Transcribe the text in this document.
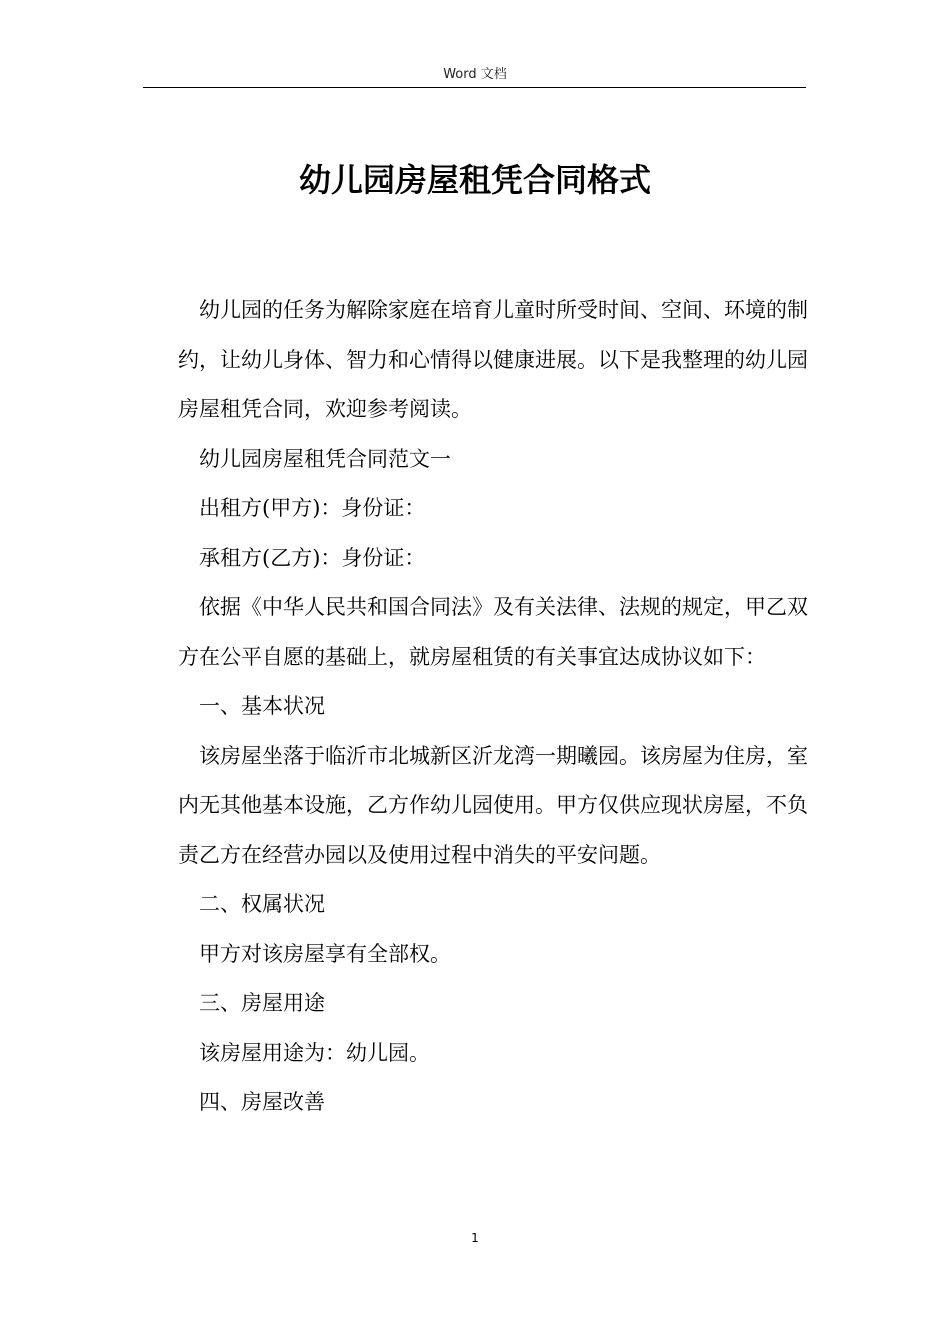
Word 文档
幼儿园房屋租凭合同格式

幼儿园的任务为解除家庭在培育儿童时所受时间、空间、环境的制约，让幼儿身体、智力和心情得以健康进展。以下是我整理的幼儿园房屋租凭合同，欢迎参考阅读。

幼儿园房屋租凭合同范文一

出租方(甲方)：身份证：

承租方(乙方)：身份证：

依据《中华人民共和国合同法》及有关法律、法规的规定，甲乙双方在公平自愿的基础上，就房屋租赁的有关事宜达成协议如下：

一、基本状况

该房屋坐落于临沂市北城新区沂龙湾一期曦园。该房屋为住房，室内无其他基本设施，乙方作幼儿园使用。甲方仅供应现状房屋，不负责乙方在经营办园以及使用过程中消失的平安问题。

二、权属状况

甲方对该房屋享有全部权。

三、房屋用途

该房屋用途为：幼儿园。

四、房屋改善

1
